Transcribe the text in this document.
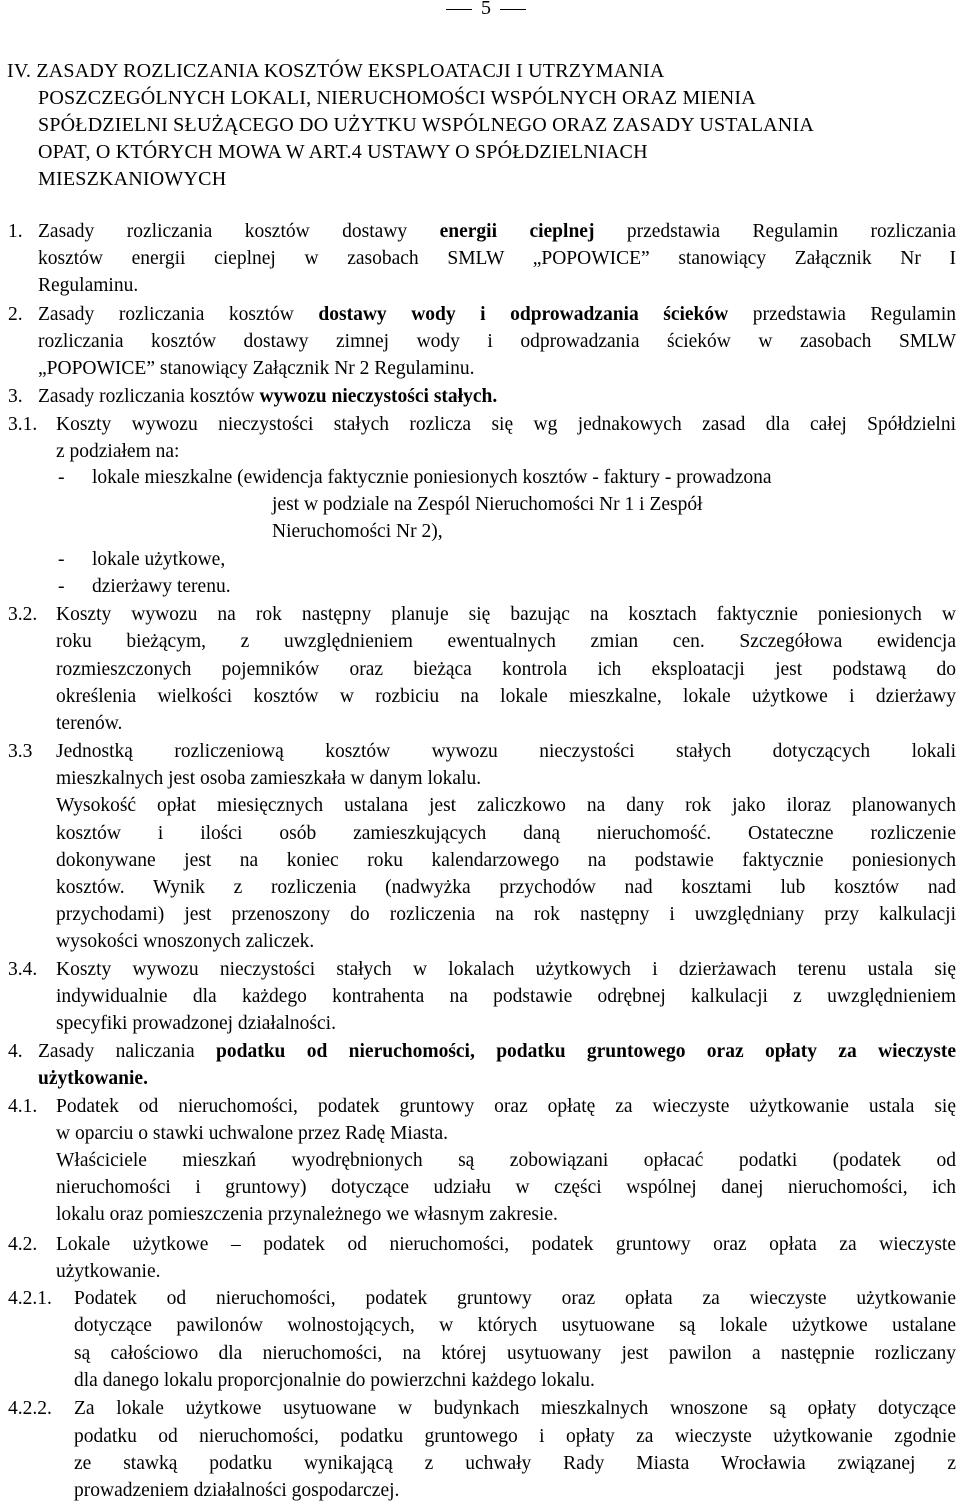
5
IV. ZASADY ROZLICZANIA KOSZTÓW EKSPLOATACJI I UTRZYMANIA
POSZCZEGÓLNYCH LOKALI, NIERUCHOMOŚCI WSPÓLNYCH ORAZ MIENIA
SPÓŁDZIELNI SŁUŻĄCEGO DO UŻYTKU WSPÓLNEGO ORAZ ZASADY USTALANIA
OPAT, O KTÓRYCH MOWA W ART.4 USTAWY O SPÓŁDZIELNIACH
MIESZKANIOWYCH
1. Zasady rozliczania kosztów dostawy energii cieplnej przedstawia Regulamin rozliczania
kosztów energii cieplnej w zasobach SMLW „POPOWICE” stanowiący Załącznik Nr I
Regulaminu.
2. Zasady rozliczania kosztów dostawy wody i odprowadzania ścieków przedstawia Regulamin
rozliczania kosztów dostawy zimnej wody i odprowadzania ścieków w zasobach SMLW
„POPOWICE” stanowiący Załącznik Nr 2 Regulaminu.
3. Zasady rozliczania kosztów wywozu nieczystości stałych.
3.1. Koszty wywozu nieczystości stałych rozlicza się wg jednakowych zasad dla całej Spółdzielni
z podziałem na:
- lokale mieszkalne (ewidencja faktycznie poniesionych kosztów - faktury - prowadzona
jest w podziale na Zespól Nieruchomości Nr 1 i Zespół
Nieruchomości Nr 2),
- lokale użytkowe,
- dzierżawy terenu.
3.2. Koszty wywozu na rok następny planuje się bazując na kosztach faktycznie poniesionych w
roku bieżącym, z uwzględnieniem ewentualnych zmian cen. Szczegółowa ewidencja
rozmieszczonych pojemników oraz bieżąca kontrola ich eksploatacji jest podstawą do
określenia wielkości kosztów w rozbiciu na lokale mieszkalne, lokale użytkowe i dzierżawy
terenów.
3.3 Jednostką rozliczeniową kosztów wywozu nieczystości stałych dotyczących lokali
mieszkalnych jest osoba zamieszkała w danym lokalu.
Wysokość opłat miesięcznych ustalana jest zaliczkowo na dany rok jako iloraz planowanych
kosztów i ilości osób zamieszkujących daną nieruchomość. Ostateczne rozliczenie
dokonywane jest na koniec roku kalendarzowego na podstawie faktycznie poniesionych
kosztów. Wynik z rozliczenia (nadwyżka przychodów nad kosztami lub kosztów nad
przychodami) jest przenoszony do rozliczenia na rok następny i uwzględniany przy kalkulacji
wysokości wnoszonych zaliczek.
3.4. Koszty wywozu nieczystości stałych w lokalach użytkowych i dzierżawach terenu ustala się
indywidualnie dla każdego kontrahenta na podstawie odrębnej kalkulacji z uwzględnieniem
specyfiki prowadzonej działalności.
4. Zasady naliczania podatku od nieruchomości, podatku gruntowego oraz opłaty za wieczyste
użytkowanie.
4.1. Podatek od nieruchomości, podatek gruntowy oraz opłatę za wieczyste użytkowanie ustala się
w oparciu o stawki uchwalone przez Radę Miasta.
Właściciele mieszkań wyodrębnionych są zobowiązani opłacać podatki (podatek od
nieruchomości i gruntowy) dotyczące udziału w części wspólnej danej nieruchomości, ich
lokalu oraz pomieszczenia przynależnego we własnym zakresie.
4.2. Lokale użytkowe – podatek od nieruchomości, podatek gruntowy oraz opłata za wieczyste
użytkowanie.
4.2.1. Podatek od nieruchomości, podatek gruntowy oraz opłata za wieczyste użytkowanie
dotyczące pawilonów wolnostojących, w których usytuowane są lokale użytkowe ustalane
są całościowo dla nieruchomości, na której usytuowany jest pawilon a następnie rozliczany
dla danego lokalu proporcjonalnie do powierzchni każdego lokalu.
4.2.2. Za lokale użytkowe usytuowane w budynkach mieszkalnych wnoszone są opłaty dotyczące
podatku od nieruchomości, podatku gruntowego i opłaty za wieczyste użytkowanie zgodnie
ze stawką podatku wynikającą z uchwały Rady Miasta Wrocławia związanej z
prowadzeniem działalności gospodarczej.
